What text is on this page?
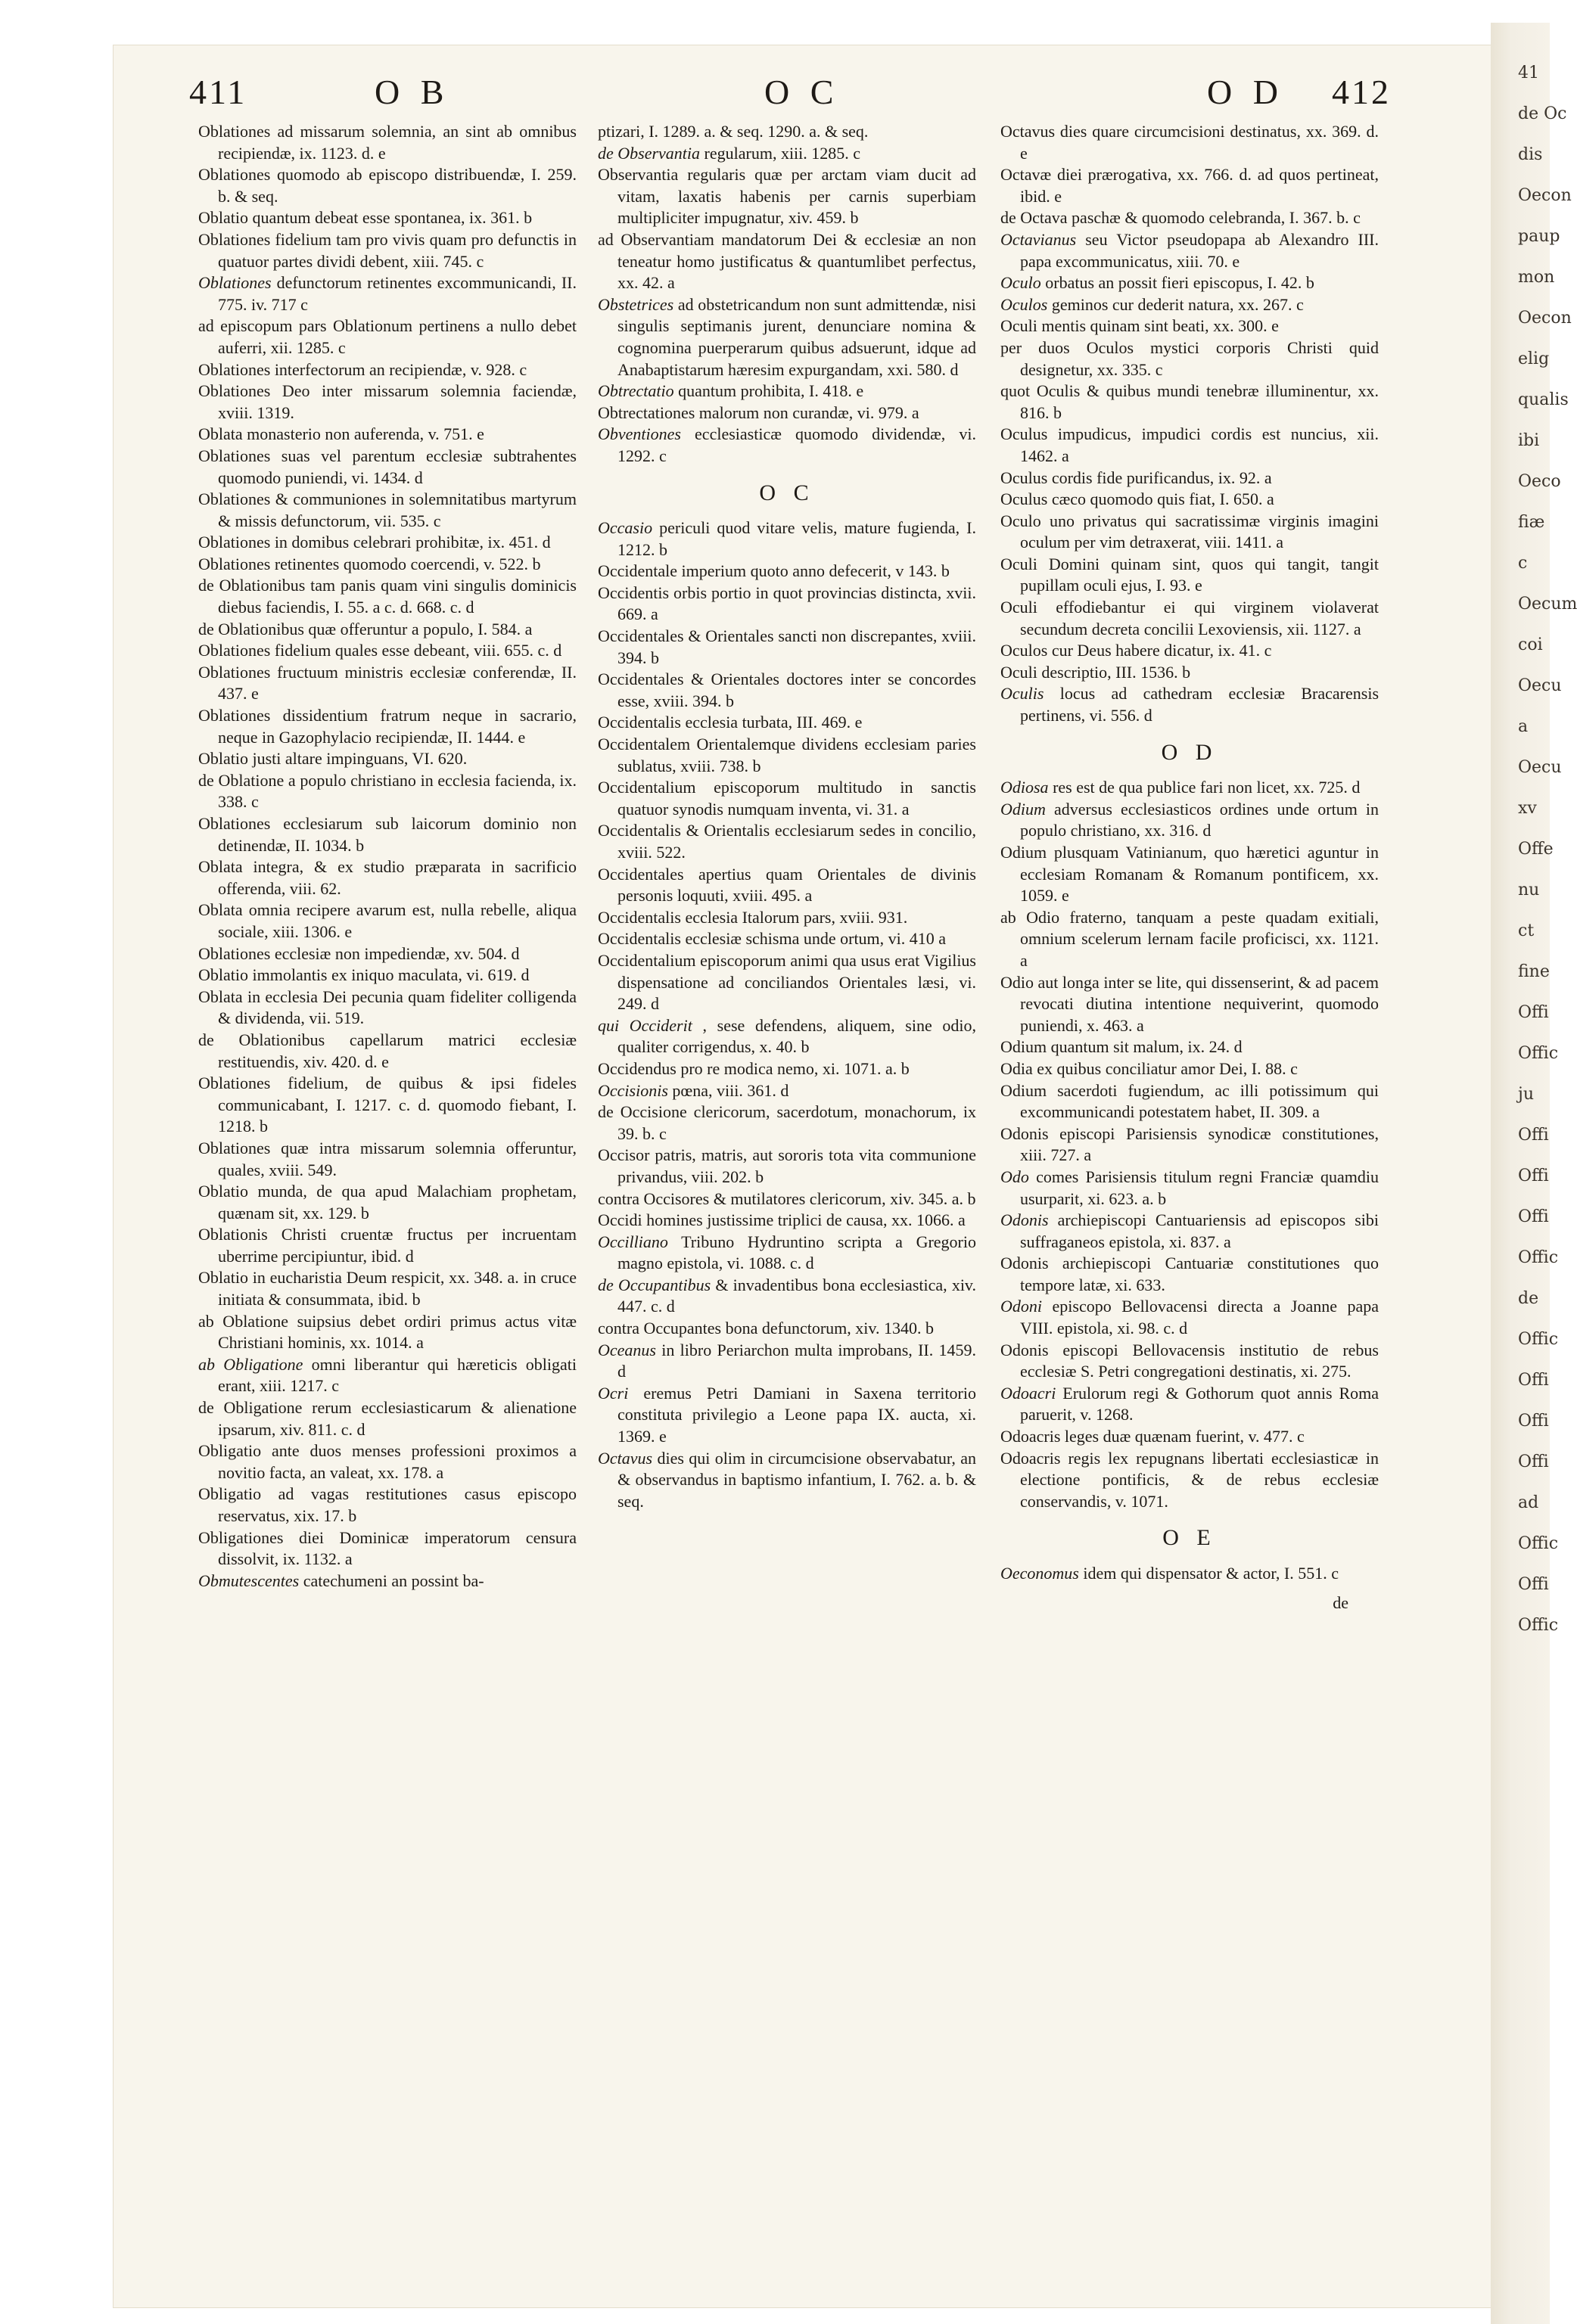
41
de Oc
dis
Oecon
paup
mon
Oecon
elig
qualis
ibi
Oeco
fiæ
c
Oecum
coi
Oecu
a
Oecu
xv
Offe
nu
ct
fine
Offi
Offic
ju
Offi
Offi
Offi
Offic
de
Offic
Offi
Offi
Offi
ad
Offic
Offi
Offic
411	O B	O C	O D 412

Oblationes ad missarum solemnia, an sint ab omnibus recipiendæ, ix. 1123. d. e

Oblationes quomodo ab episcopo distribuendæ, I. 259. b. & seq.

Oblatio quantum debeat esse spontanea, ix. 361. b

Oblationes fidelium tam pro vivis quam pro defunctis in quatuor partes dividi debent, xiii. 745. c

Oblationes defunctorum retinentes excommunicandi, II. 775. iv. 717 c

ad episcopum pars Oblationum pertinens a nullo debet auferri, xii. 1285. c

Oblationes interfectorum an recipiendæ, v. 928. c

Oblationes Deo inter missarum solemnia faciendæ, xviii. 1319.

Oblata monasterio non auferenda, v. 751. e

Oblationes suas vel parentum ecclesiæ subtrahentes quomodo puniendi, vi. 1434. d

Oblationes & communiones in solemnitatibus martyrum & missis defunctorum, vii. 535. c

Oblationes in domibus celebrari prohibitæ, ix. 451. d

Oblationes retinentes quomodo coercendi, v. 522. b

de Oblationibus tam panis quam vini singulis dominicis diebus faciendis, I. 55. a c. d. 668. c. d

de Oblationibus quæ offeruntur a populo, I. 584. a

Oblationes fidelium quales esse debeant, viii. 655. c. d

Oblationes fructuum ministris ecclesiæ conferendæ, II. 437. e

Oblationes dissidentium fratrum neque in sacrario, neque in Gazophylacio recipiendæ, II. 1444. e

Oblatio justi altare impinguans, VI. 620.

de Oblatione a populo christiano in ecclesia facienda, ix. 338. c

Oblationes ecclesiarum sub laicorum dominio non detinendæ, II. 1034. b

Oblata integra, & ex studio præparata in sacrificio offerenda, viii. 62.

Oblata omnia recipere avarum est, nulla rebelle, aliqua sociale, xiii. 1306. e

Oblationes ecclesiæ non impediendæ, xv. 504. d

Oblatio immolantis ex iniquo maculata, vi. 619. d

Oblata in ecclesia Dei pecunia quam fideliter colligenda & dividenda, vii. 519.

de Oblationibus capellarum matrici ecclesiæ restituendis, xiv. 420. d. e

Oblationes fidelium, de quibus & ipsi fideles communicabant, I. 1217. c. d. quomodo fiebant, I. 1218. b

Oblationes quæ intra missarum solemnia offeruntur, quales, xviii. 549.

Oblatio munda, de qua apud Malachiam prophetam, quænam sit, xx. 129. b

Oblationis Christi cruentæ fructus per incruentam uberrime percipiuntur, ibid. d

Oblatio in eucharistia Deum respicit, xx. 348. a. in cruce initiata & consummata, ibid. b

ab Oblatione suipsius debet ordiri primus actus vitæ Christiani hominis, xx. 1014. a

ab Obligatione omni liberantur qui hæreticis obligati erant, xiii. 1217. c

de Obligatione rerum ecclesiasticarum & alienatione ipsarum, xiv. 811. c. d

Obligatio ante duos menses professioni proximos a novitio facta, an valeat, xx. 178. a

Obligatio ad vagas restitutiones casus episcopo reservatus, xix. 17. b

Obligationes diei Dominicæ imperatorum censura dissolvit, ix. 1132. a

Obmutescentes catechumeni an possint ba-

ptizari, I. 1289. a. & seq. 1290. a. & seq.

de Observantia regularum, xiii. 1285. c

Observantia regularis quæ per arctam viam ducit ad vitam, laxatis habenis per carnis superbiam multipliciter impugnatur, xiv. 459. b

ad Observantiam mandatorum Dei & ecclesiæ an non teneatur homo justificatus & quantumlibet perfectus, xx. 42. a

Obstetrices ad obstetricandum non sunt admittendæ, nisi singulis septimanis jurent, denunciare nomina & cognomina puerperarum quibus adsuerunt, idque ad Anabaptistarum hæresim expurgandam, xxi. 580. d

Obtrectatio quantum prohibita, I. 418. e

Obtrectationes malorum non curandæ, vi. 979. a

Obventiones ecclesiasticæ quomodo dividendæ, vi. 1292. c

O C

Occasio periculi quod vitare velis, mature fugienda, I. 1212. b

Occidentale imperium quoto anno defecerit, v 143. b

Occidentis orbis portio in quot provincias distincta, xvii. 669. a

Occidentales & Orientales sancti non discrepantes, xviii. 394. b

Occidentales & Orientales doctores inter se concordes esse, xviii. 394. b

Occidentalis ecclesia turbata, III. 469. e

Occidentalem Orientalemque dividens ecclesiam paries sublatus, xviii. 738. b

Occidentalium episcoporum multitudo in sanctis quatuor synodis numquam inventa, vi. 31. a

Occidentalis & Orientalis ecclesiarum sedes in concilio, xviii. 522.

Occidentales apertius quam Orientales de divinis personis loquuti, xviii. 495. a

Occidentalis ecclesia Italorum pars, xviii. 931.

Occidentalis ecclesiæ schisma unde ortum, vi. 410 a

Occidentalium episcoporum animi qua usus erat Vigilius dispensatione ad conciliandos Orientales læsi, vi. 249. d

qui Occiderit , sese defendens, aliquem, sine odio, qualiter corrigendus, x. 40. b

Occidendus pro re modica nemo, xi. 1071. a. b

Occisionis pœna, viii. 361. d

de Occisione clericorum, sacerdotum, monachorum, ix 39. b. c

Occisor patris, matris, aut sororis tota vita communione privandus, viii. 202. b

contra Occisores & mutilatores clericorum, xiv. 345. a. b

Occidi homines justissime triplici de causa, xx. 1066. a

Occilliano Tribuno Hydruntino scripta a Gregorio magno epistola, vi. 1088. c. d

de Occupantibus & invadentibus bona ecclesiastica, xiv. 447. c. d

contra Occupantes bona defunctorum, xiv. 1340. b

Oceanus in libro Periarchon multa improbans, II. 1459. d

Ocri eremus Petri Damiani in Saxena territorio constituta privilegio a Leone papa IX. aucta, xi. 1369. e

Octavus dies qui olim in circumcisione observabatur, an & observandus in baptismo infantium, I. 762. a. b. & seq.

Octavus dies quare circumcisioni destinatus, xx. 369. d. e

Octavæ diei prærogativa, xx. 766. d. ad quos pertineat, ibid. e

de Octava paschæ & quomodo celebranda, I. 367. b. c

Octavianus seu Victor pseudopapa ab Alexandro III. papa excommunicatus, xiii. 70. e

Oculo orbatus an possit fieri episcopus, I. 42. b

Oculos geminos cur dederit natura, xx. 267. c

Oculi mentis quinam sint beati, xx. 300. e

per duos Oculos mystici corporis Christi quid designetur, xx. 335. c

quot Oculis & quibus mundi tenebræ illuminentur, xx. 816. b

Oculus impudicus, impudici cordis est nuncius, xii. 1462. a

Oculus cordis fide purificandus, ix. 92. a

Oculus cæco quomodo quis fiat, I. 650. a

Oculo uno privatus qui sacratissimæ virginis imagini oculum per vim detraxerat, viii. 1411. a

Oculi Domini quinam sint, quos qui tangit, tangit pupillam oculi ejus, I. 93. e

Oculi effodiebantur ei qui virginem violaverat secundum decreta concilii Lexoviensis, xii. 1127. a

Oculos cur Deus habere dicatur, ix. 41. c

Oculi descriptio, III. 1536. b

Oculis locus ad cathedram ecclesiæ Bracarensis pertinens, vi. 556. d

O D

Odiosa res est de qua publice fari non licet, xx. 725. d

Odium adversus ecclesiasticos ordines unde ortum in populo christiano, xx. 316. d

Odium plusquam Vatinianum, quo hæretici aguntur in ecclesiam Romanam & Romanum pontificem, xx. 1059. e

ab Odio fraterno, tanquam a peste quadam exitiali, omnium scelerum lernam facile proficisci, xx. 1121. a

Odio aut longa inter se lite, qui dissenserint, & ad pacem revocati diutina intentione nequiverint, quomodo puniendi, x. 463. a

Odium quantum sit malum, ix. 24. d

Odia ex quibus conciliatur amor Dei, I. 88. c

Odium sacerdoti fugiendum, ac illi potissimum qui excommunicandi potestatem habet, II. 309. a

Odonis episcopi Parisiensis synodicæ constitutiones, xiii. 727. a

Odo comes Parisiensis titulum regni Franciæ quamdiu usurparit, xi. 623. a. b

Odonis archiepiscopi Cantuariensis ad episcopos sibi suffraganeos epistola, xi. 837. a

Odonis archiepiscopi Cantuariæ constitutiones quo tempore latæ, xi. 633.

Odoni episcopo Bellovacensi directa a Joanne papa VIII. epistola, xi. 98. c. d

Odonis episcopi Bellovacensis institutio de rebus ecclesiæ S. Petri congregationi destinatis, xi. 275.

Odoacri Erulorum regi & Gothorum quot annis Roma paruerit, v. 1268.

Odoacris leges duæ quænam fuerint, v. 477. c

Odoacris regis lex repugnans libertati ecclesiasticæ in electione pontificis, & de rebus ecclesiæ conservandis, v. 1071.

O E

Oeconomus idem qui dispensator & actor, I. 551. c

de
